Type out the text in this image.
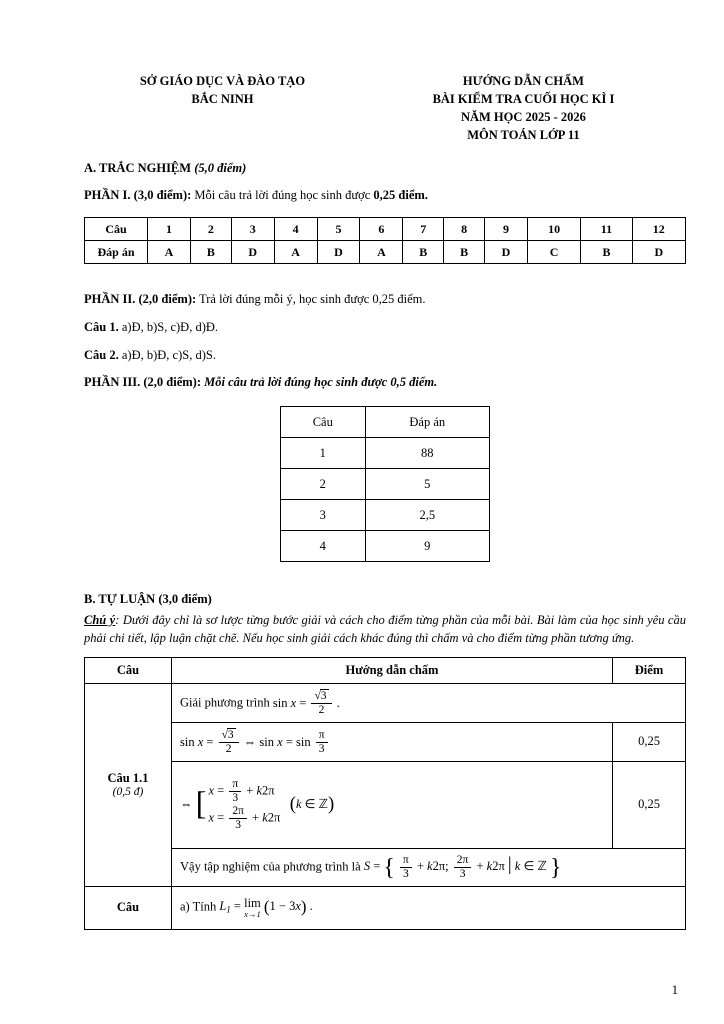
SỞ GIÁO DỤC VÀ ĐÀO TẠO
BẮC NINH
HƯỚNG DẪN CHẤM
BÀI KIỂM TRA CUỐI HỌC KÌ I
NĂM HỌC 2025 - 2026
MÔN TOÁN LỚP 11
A. TRẮC NGHIỆM (5,0 điểm)
PHẦN I. (3,0 điểm): Mỗi câu trả lời đúng học sinh được 0,25 điểm.
Câu	1	2	3	4	5	6	7	8	9	10	11	12
Đáp án	A	B	D	A	D	A	B	B	D	C	B	D
PHẦN II. (2,0 điểm): Trả lời đúng mỗi ý, học sinh được 0,25 điểm.
Câu 1. a)Đ, b)S, c)Đ, d)Đ.
Câu 2. a)Đ, b)Đ, c)S, d)S.
PHẦN III. (2,0 điểm): Mỗi câu trả lời đúng học sinh được 0,5 điểm.
Câu	Đáp án
1	88
2	5
3	2,5
4	9
B. TỰ LUẬN (3,0 điểm)
Chú ý: Dưới đây chỉ là sơ lược từng bước giải và cách cho điểm từng phần của mỗi bài. Bài làm của học sinh yêu cầu phải chi tiết, lập luận chặt chẽ. Nếu học sinh giải cách khác đúng thì chấm và cho điểm từng phần tương ứng.
Câu	Hướng dẫn chấm	Điểm

Câu 1.1
(0,5 đ)
	Giải phương trình $\sin x = \frac{√3}{2}$ .
$\sin x = \frac{√3}{2}$ ⇔ $\sin x = \sin \frac{\pi}{3}$	0,25
⇔ [ $x = \frac{\pi}{3} + k2\pi$
$x = \frac{2\pi}{3} + k2\pi$
(k ∈ ℤ)	0,25
Vậy tập nghiệm của phương trình là S = { $\frac{\pi}{3} + k2\pi$; $\frac{2\pi}{3} + k2\pi$ | k ∈ ℤ }
Câu	a) Tính $L_1 = \lim$
x→1 (1 − 3x) .	
1
